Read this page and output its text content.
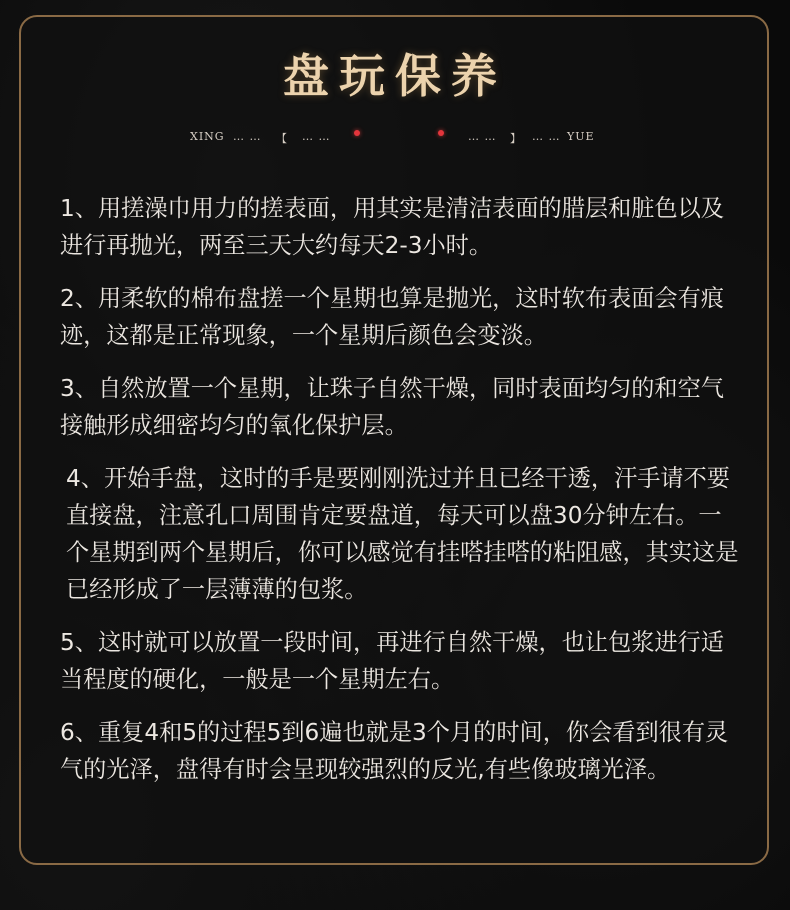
盘玩保养
XING … … 【 … …	… … 】 … … YUE

1、用搓澡巾用力的搓表面，用其实是清洁表面的腊层和脏色以及进行再抛光，两至三天大约每天2-3小时。

2、用柔软的棉布盘搓一个星期也算是抛光，这时软布表面会有痕迹，这都是正常现象，一个星期后颜色会变淡。

3、自然放置一个星期，让珠子自然干燥，同时表面均匀的和空气接触形成细密均匀的氧化保护层。

4、开始手盘，这时的手是要刚刚洗过并且已经干透，汗手请不要直接盘，注意孔口周围肯定要盘道，每天可以盘30分钟左右。一个星期到两个星期后，你可以感觉有挂嗒挂嗒的粘阻感，其实这是已经形成了一层薄薄的包浆。

5、这时就可以放置一段时间，再进行自然干燥，也让包浆进行适当程度的硬化，一般是一个星期左右。

6、重复4和5的过程5到6遍也就是3个月的时间，你会看到很有灵气的光泽，盘得有时会呈现较强烈的反光,有些像玻璃光泽。
